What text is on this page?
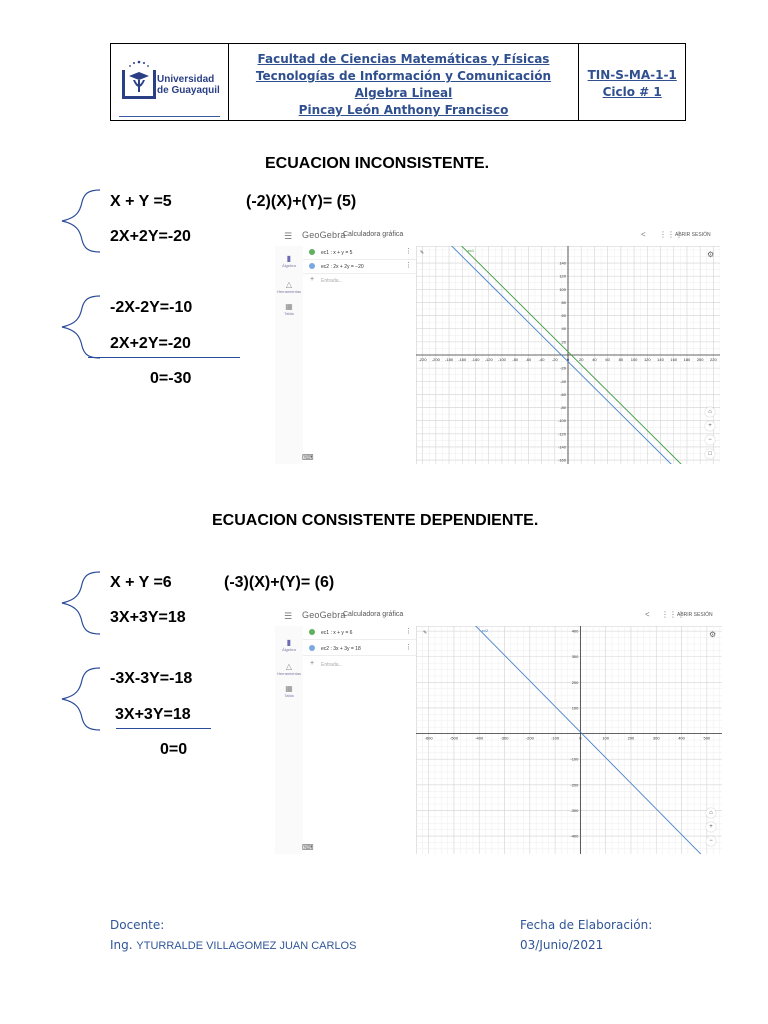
Universidad
de Guayaquil
Facultad de Ciencias Matemáticas y Físicas
Tecnologías de Información y Comunicación
Algebra Lineal
Pincay León Anthony Francisco
TIN-S-MA-1-1
Ciclo # 1
ECUACION INCONSISTENTE.
X + Y =5	(-2)(X)+(Y)= (5)
2X+2Y=-20
-2X-2Y=-10
2X+2Y=-20
0=-30
☰ GeoGebra
Calculadora gráfica	< ⋮⋮⋮
ABRIR SESIÓN
▮
Álgebra
△
Herramientas
▦
Tabla
ec1 : x + y = 5	⋮
ec2 : 2x + 2y = −20	⋮
+ Entrada...
⌨
-220 -200 -180 -160 -140 -120 -100 -80 -60 -40 -20 0 20 40 60 80 100 120 140 160 180 200 220
140
120
100
80
60
40
20
-20
-40
-60
-80
-100
-120
-140
-160
ec1	⚙
✎
⌂
+
−
□
ECUACION CONSISTENTE DEPENDIENTE.
X + Y =6	(-3)(X)+(Y)= (6)
3X+3Y=18
-3X-3Y=-18
3X+3Y=18
0=0
☰ GeoGebra
Calculadora gráfica	< ⋮⋮⋮
ABRIR SESIÓN
▮
Álgebra
△
Herramientas
▦
Tabla
ec1 : x + y = 6	⋮
ec2 : 3x + 3y = 18	⋮
+ Entrada...
⌨
-600	-500	-400	-300	-200	-100	0	100	200	300	400	500
400
300
200
100
-100
-200
-300
-400
ec2	⚙
✎
⌂
+
−
Docente:
Ing. YTURRALDE VILLAGOMEZ JUAN CARLOS
Fecha de Elaboración:
03/Junio/2021
